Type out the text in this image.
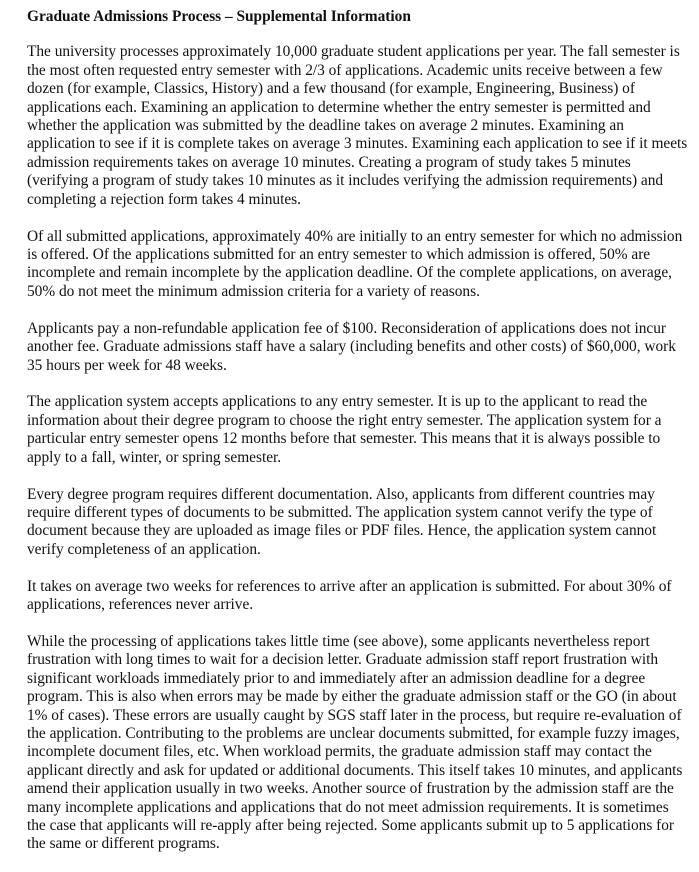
Graduate Admissions Process – Supplemental Information

The university processes approximately 10,000 graduate student applications per year. The fall semester is the most often requested entry semester with 2/3 of applications. Academic units receive between a few dozen (for example, Classics, History) and a few thousand (for example, Engineering, Business) of applications each. Examining an application to determine whether the entry semester is permitted and whether the application was submitted by the deadline takes on average 2 minutes. Examining an application to see if it is complete takes on average 3 minutes. Examining each application to see if it meets admission requirements takes on average 10 minutes. Creating a program of study takes 5 minutes (verifying a program of study takes 10 minutes as it includes verifying the admission requirements) and completing a rejection form takes 4 minutes.

Of all submitted applications, approximately 40% are initially to an entry semester for which no admission is offered. Of the applications submitted for an entry semester to which admission is offered, 50% are incomplete and remain incomplete by the application deadline. Of the complete applications, on average, 50% do not meet the minimum admission criteria for a variety of reasons.

Applicants pay a non-refundable application fee of $100. Reconsideration of applications does not incur another fee. Graduate admissions staff have a salary (including benefits and other costs) of $60,000, work 35 hours per week for 48 weeks.

The application system accepts applications to any entry semester. It is up to the applicant to read the information about their degree program to choose the right entry semester. The application system for a particular entry semester opens 12 months before that semester. This means that it is always possible to apply to a fall, winter, or spring semester.

Every degree program requires different documentation. Also, applicants from different countries may require different types of documents to be submitted. The application system cannot verify the type of document because they are uploaded as image files or PDF files. Hence, the application system cannot verify completeness of an application.

It takes on average two weeks for references to arrive after an application is submitted. For about 30% of applications, references never arrive.

While the processing of applications takes little time (see above), some applicants nevertheless report frustration with long times to wait for a decision letter. Graduate admission staff report frustration with significant workloads immediately prior to and immediately after an admission deadline for a degree program. This is also when errors may be made by either the graduate admission staff or the GO (in about 1% of cases). These errors are usually caught by SGS staff later in the process, but require re-evaluation of the application. Contributing to the problems are unclear documents submitted, for example fuzzy images, incomplete document files, etc. When workload permits, the graduate admission staff may contact the applicant directly and ask for updated or additional documents. This itself takes 10 minutes, and applicants amend their application usually in two weeks. Another source of frustration by the admission staff are the many incomplete applications and applications that do not meet admission requirements. It is sometimes the case that applicants will re-apply after being rejected. Some applicants submit up to 5 applications for the same or different programs.
